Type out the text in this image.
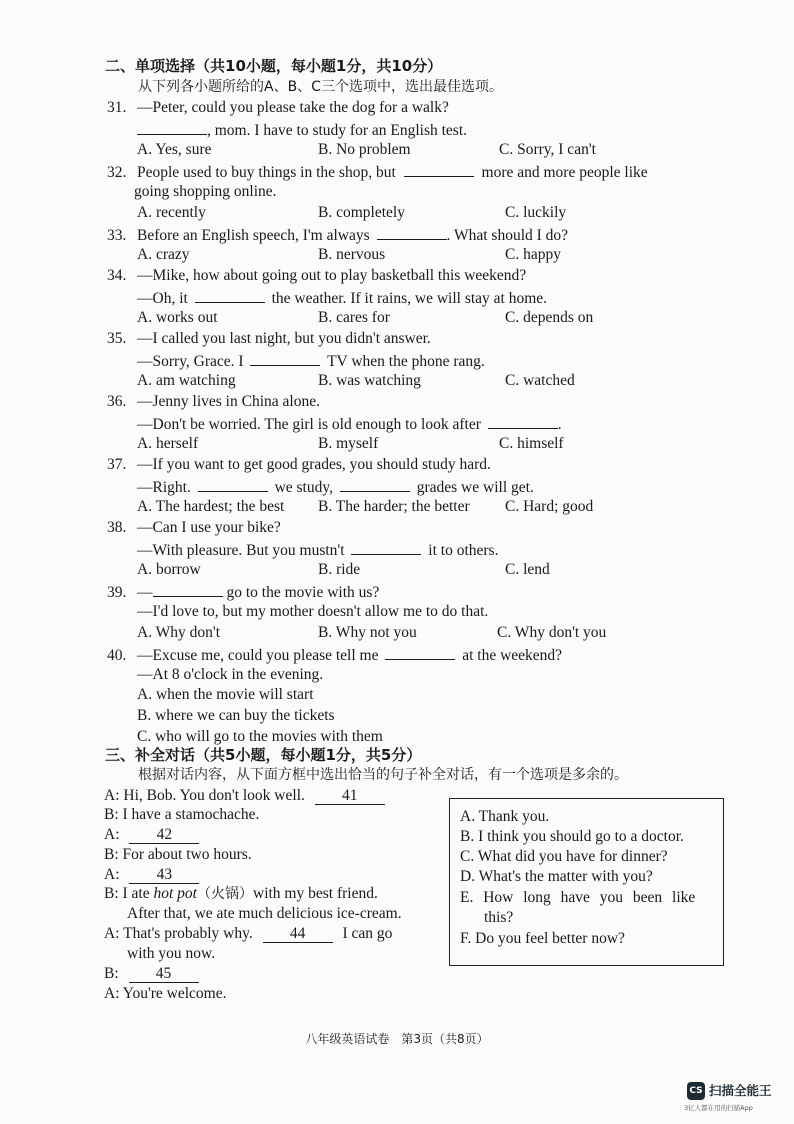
二、单项选择（共10小题，每小题1分，共10分）
从下列各小题所给的A、B、C三个选项中，选出最佳选项。
31. —Peter, could you please take the dog for a walk?
, mom. I have to study for an English test.
A. Yes, sure	B. No problem	C. Sorry, I can't
32. People used to buy things in the shop, but	more and more people like
going shopping online.
A. recently	B. completely	C. luckily
33. Before an English speech, I'm always	. What should I do?
A. crazy	B. nervous	C. happy
34. —Mike, how about going out to play basketball this weekend?
—Oh, it	the weather. If it rains, we will stay at home.
A. works out	B. cares for	C. depends on
35. —I called you last night, but you didn't answer.
—Sorry, Grace. I	TV when the phone rang.
A. am watching	B. was watching	C. watched
36. —Jenny lives in China alone.
—Don't be worried. The girl is old enough to look after	.
A. herself	B. myself	C. himself
37. —If you want to get good grades, you should study hard.
—Right.	we study,	grades we will get.
A. The hardest; the best B. The harder; the better C. Hard; good
38. —Can I use your bike?
—With pleasure. But you mustn't	it to others.
A. borrow	B. ride	C. lend
39. —	go to the movie with us?
—I'd love to, but my mother doesn't allow me to do that.
A. Why don't	B. Why not you	C. Why don't you
40. —Excuse me, could you please tell me	at the weekend?
—At 8 o'clock in the evening.
A. when the movie will start
B. where we can buy the tickets
C. who will go to the movies with them
三、补全对话（共5小题，每小题1分，共5分）
根据对话内容，从下面方框中选出恰当的句子补全对话，有一个选项是多余的。
A: Hi, Bob. You don't look well. 41
B: I have a stamochache.
A: 42
B: For about two hours.
A: 43
B: I ate hot pot（火锅）with my best friend.
After that, we ate much delicious ice-cream.
A: That's probably why. 44 I can go
with you now.
B: 45
A: You're welcome.
A. Thank you.
B. I think you should go to a doctor.
C. What did you have for dinner?
D. What's the matter with you?
E. How long have you been like
this?
F. Do you feel better now?
八年级英语试卷　第3页（共8页）
CS 扫描全能王
3亿人都在用的扫描App
